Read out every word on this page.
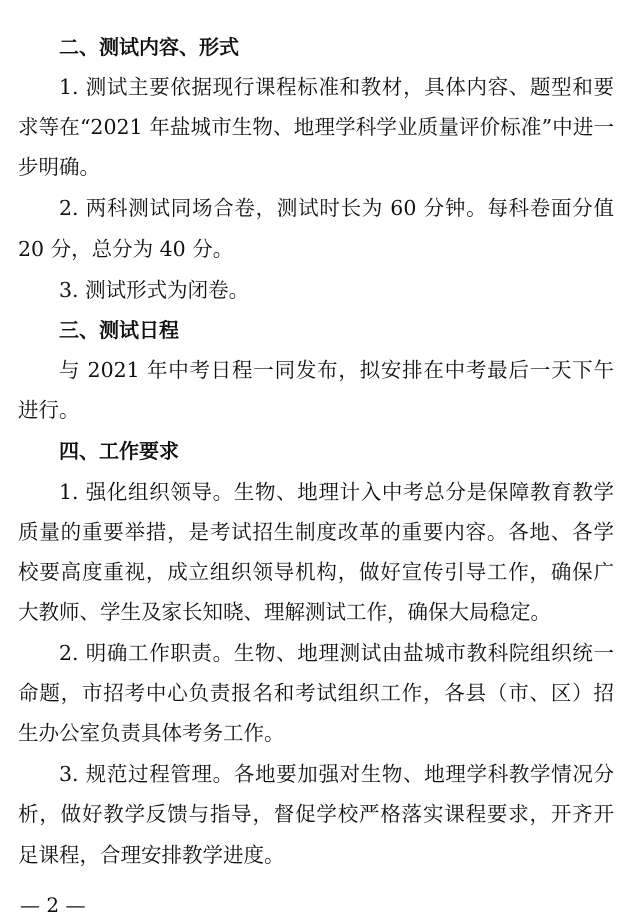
二、测试内容、形式
1. 测试主要依据现行课程标准和教材，具体内容、题型和要
求等在“2021 年盐城市生物、地理学科学业质量评价标准”中进一
步明确。
2. 两科测试同场合卷，测试时长为 60 分钟。每科卷面分值
20 分，总分为 40 分。
3. 测试形式为闭卷。
三、测试日程
与 2021 年中考日程一同发布，拟安排在中考最后一天下午
进行。
四、工作要求
1. 强化组织领导。生物、地理计入中考总分是保障教育教学
质量的重要举措，是考试招生制度改革的重要内容。各地、各学
校要高度重视，成立组织领导机构，做好宣传引导工作，确保广
大教师、学生及家长知晓、理解测试工作，确保大局稳定。
2. 明确工作职责。生物、地理测试由盐城市教科院组织统一
命题，市招考中心负责报名和考试组织工作，各县（市、区）招
生办公室负责具体考务工作。
3. 规范过程管理。各地要加强对生物、地理学科教学情况分
析，做好教学反馈与指导，督促学校严格落实课程要求，开齐开
足课程，合理安排教学进度。
— 2 —
